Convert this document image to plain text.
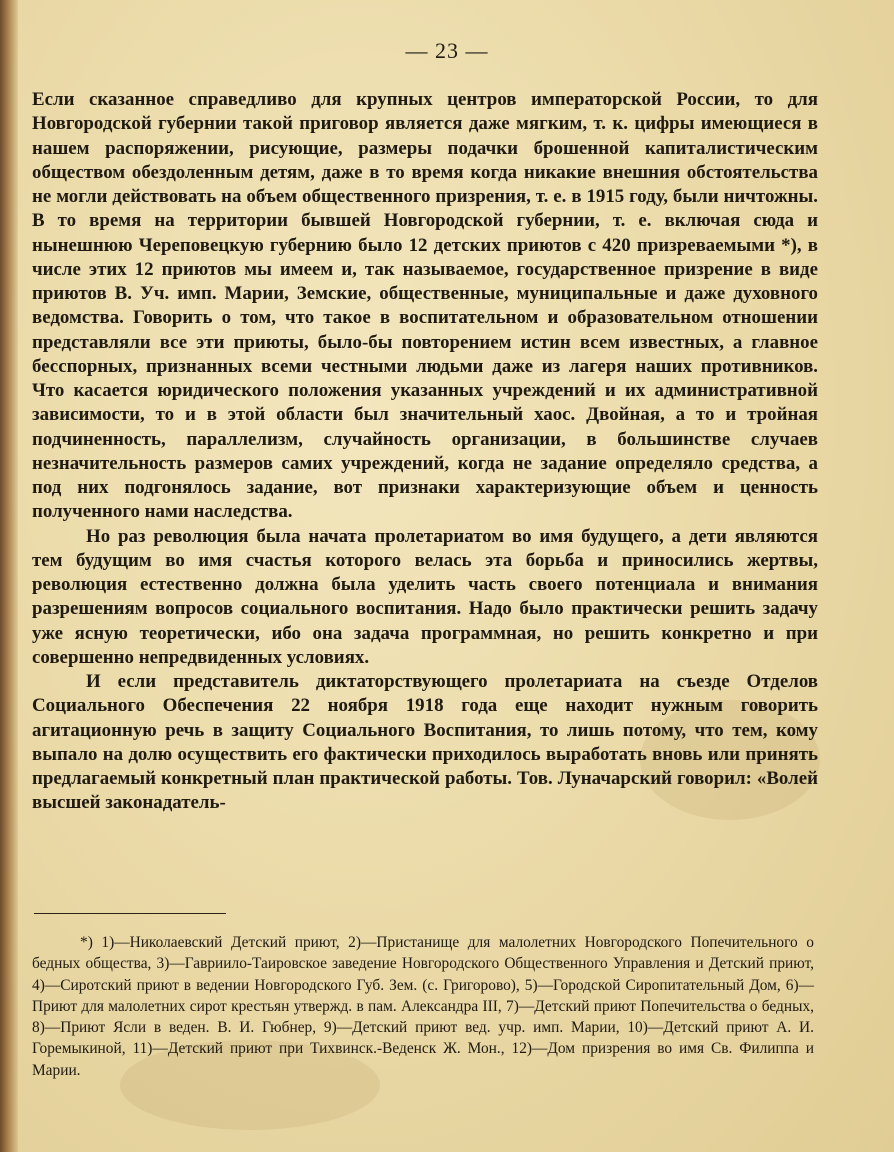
— 23 —

Если сказанное справедливо для крупных центров императорской России, то для Новгородской губернии такой приговор является даже мягким, т. к. цифры имеющиеся в нашем распоряжении, рисующие, размеры подачки брошенной капиталистическим обществом обездоленным детям, даже в то время когда никакие внешния обстоятельства не могли действовать на объем общественного призрения, т. е. в 1915 году, были ничтожны. В то время на территории бывшей Новгородской губернии, т. е. включая сюда и нынешнюю Череповецкую губернию было 12 детских приютов с 420 призреваемыми *), в числе этих 12 приютов мы имеем и, так называемое, государственное призрение в виде приютов В. Уч. имп. Марии, Земские, общественные, муниципальные и даже духовного ведомства. Говорить о том, что такое в воспитательном и образовательном отношении представляли все эти приюты, было-бы повторением истин всем известных, а главное бесспорных, признанных всеми честными людьми даже из лагеря наших противников. Что касается юридического положения указанных учреждений и их административной зависимости, то и в этой области был значительный хаос. Двойная, а то и тройная подчиненность, параллелизм, случайность организации, в большинстве случаев незначительность размеров самих учреждений, когда не задание определяло средства, а под них подгонялось задание, вот признаки характеризующие объем и ценность полученного нами наследства.

Но раз революция была начата пролетариатом во имя будущего, а дети являются тем будущим во имя счастья которого велась эта борьба и приносились жертвы, революция естественно должна была уделить часть своего потенциала и внимания разрешениям вопросов социального воспитания. Надо было практически решить задачу уже ясную теоретически, ибо она задача программная, но решить конкретно и при совершенно непредвиденных условиях.

И если представитель диктаторствующего пролетариата на съезде Отделов Социального Обеспечения 22 ноября 1918 года еще находит нужным говорить агитационную речь в защиту Социального Воспитания, то лишь потому, что тем, кому выпало на долю осуществить его фактически приходилось выработать вновь или принять предлагаемый конкретный план практической работы. Тов. Луначарский говорил: «Волей высшей законадатель-

*) 1)—Николаевский Детский приют, 2)—Пристанище для малолетних Новгородского Попечительного о бедных общества, 3)—Гавриило-Таировское заведение Новгородского Общественного Управления и Детский приют, 4)—Сиротский приют в ведении Новгородского Губ. Зем. (с. Григорово), 5)—Городской Сиропитательный Дом, 6)—Приют для малолетних сирот крестьян утвержд. в пам. Александра III, 7)—Детский приют Попечительства о бедных, 8)—Приют Ясли в веден. В. И. Гюбнер, 9)—Детский приют вед. учр. имп. Марии, 10)—Детский приют А. И. Горемыкиной, 11)—Детский приют при Тихвинск.-Веденск Ж. Мон., 12)—Дом призрения во имя Св. Филиппа и Марии.
